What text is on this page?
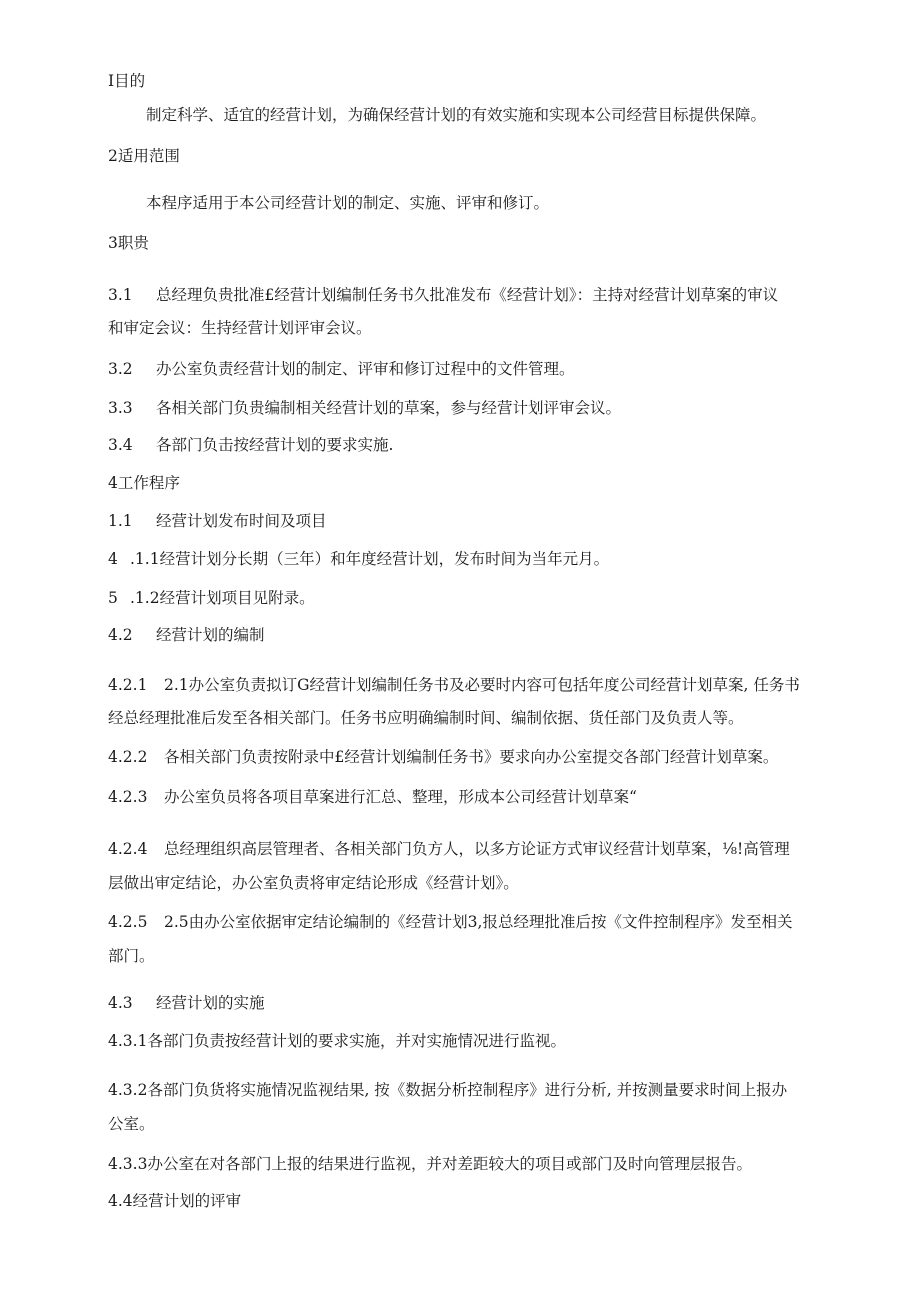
I目的
制定科学、适宜的经营计划，为确保经营计划的有效实施和实现本公司经营目标提供保障。
2适用范围
本程序适用于本公司经营计划的制定、实施、评审和修订。
3职贵
3.1 总经理负贵批准£经营计划编制任务书久批准发布《经营计划》：主持对经营计划草案的审议
和审定会议：生持经营计划评审会议。
3.2 办公室负责经营计划的制定、评审和修订过程中的文件管理。
3.3 各相关部门负贵编制相关经营计划的草案，参与经营计划评审会议。
3.4 各部门负击按经营计划的要求实施.
4工作程序
1.1 经营计划发布时间及项目
4 .1.1经营计划分长期（三年）和年度经营计划，发布时间为当年元月。
5 .1.2经营计划项目见附录。
4.2 经营计划的编制
4.2.1 2.1办公室负责拟订G经营计划编制任务书及必要时内容可包括年度公司经营计划草案, 任务书
经总经理批准后发至各相关部门。任务书应明确编制时间、编制依据、货任部门及负责人等。
4.2.2 各相关部门负责按附录中£经营计划编制任务书》要求向办公室提交各部门经营计划草案。
4.2.3 办公室负员将各项目草案进行汇总、整理，形成本公司经营计划草案“
4.2.4 总经理组织高层管理者、各相关部门负方人，以多方论证方式审议经营计划草案，⅛!高管理
层做出审定结论，办公室负责将审定结论形成《经营计划》。
4.2.5 2.5由办公室依据审定结论编制的《经营计划3,报总经理批准后按《文件控制程序》发至相关
部门。
4.3 经营计划的实施
4.3.1各部门负责按经营计划的要求实施，并对实施情况进行监视。
4.3.2各部门负货将实施情况监视结果, 按《数据分析控制程序》进行分析, 并按测量要求时间上报办
公室。
4.3.3办公室在对各部门上报的结果进行监视，并对差距较大的项目或部门及时向管理层报告。
4.4经营计划的评审
